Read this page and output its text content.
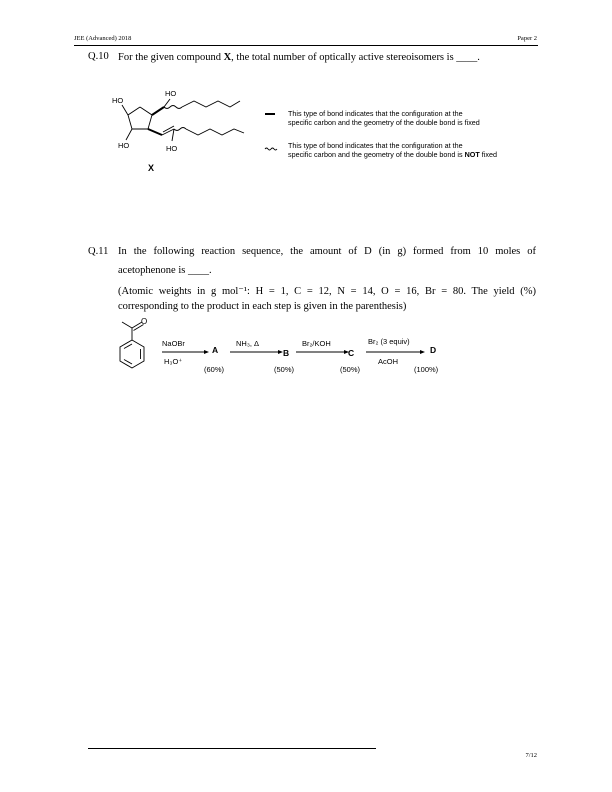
JEE (Advanced) 2018	Paper 2
Q.10 For the given compound X, the total number of optically active stereoisomers is ____.
HO
HO
HO	HO
X
This type of bond indicates that the configuration at the
specific carbon and the geometry of the double bond is fixed
This type of bond indicates that the configuration at the
specific carbon and the geometry of the double bond is NOT fixed
Q.11 In the following reaction sequence, the amount of D (in g) formed from 10 moles of
acetophenone is ____.
(Atomic weights in g mol⁻¹: H = 1, C = 12, N = 14, O = 16, Br = 80. The yield (%)
corresponding to the product in each step is given in the parenthesis)
O
NaOBr
H₃O⁺
A
(60%)
NH₃, Δ
B
(50%)
Br₂/KOH
C
(50%)
Br₂ (3 equiv)
AcOH
D
(100%)
7/12
